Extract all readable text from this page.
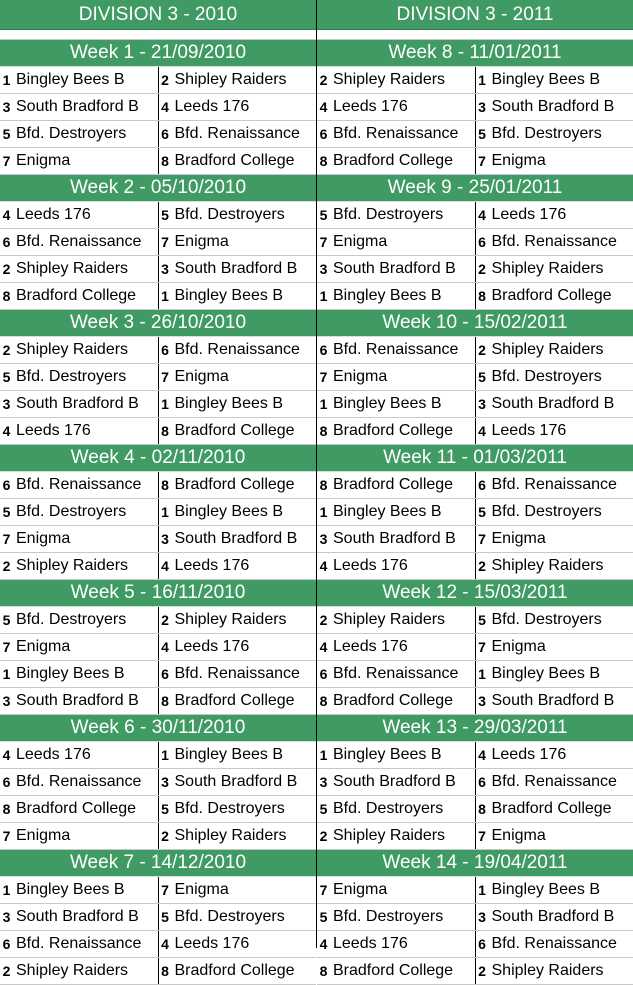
DIVISION 3 - 2010
Week 1 - 21/09/2010
1 Bingley Bees B	2 Shipley Raiders
3 South Bradford B 4 Leeds 176
5 Bfd. Destroyers 6 Bfd. Renaissance
7 Enigma	8 Bradford College
Week 2 - 05/10/2010
4 Leeds 176	5 Bfd. Destroyers
6 Bfd. Renaissance 7 Enigma
2 Shipley Raiders 3 South Bradford B
8 Bradford College 1 Bingley Bees B
Week 3 - 26/10/2010
2 Shipley Raiders 6 Bfd. Renaissance
5 Bfd. Destroyers 7 Enigma
3 South Bradford B 1 Bingley Bees B
4 Leeds 176	8 Bradford College
Week 4 - 02/11/2010
6 Bfd. Renaissance 8 Bradford College
5 Bfd. Destroyers 1 Bingley Bees B
7 Enigma	3 South Bradford B
2 Shipley Raiders 4 Leeds 176
Week 5 - 16/11/2010
5 Bfd. Destroyers 2 Shipley Raiders
7 Enigma	4 Leeds 176
1 Bingley Bees B	6 Bfd. Renaissance
3 South Bradford B 8 Bradford College
Week 6 - 30/11/2010
4 Leeds 176	1 Bingley Bees B
6 Bfd. Renaissance 3 South Bradford B
8 Bradford College 5 Bfd. Destroyers
7 Enigma	2 Shipley Raiders
Week 7 - 14/12/2010
1 Bingley Bees B	7 Enigma
3 South Bradford B 5 Bfd. Destroyers
6 Bfd. Renaissance 4 Leeds 176
2 Shipley Raiders 8 Bradford College
DIVISION 3 - 2011
Week 8 - 11/01/2011
2 Shipley Raiders 1 Bingley Bees B
4 Leeds 176	3 South Bradford B
6 Bfd. Renaissance 5 Bfd. Destroyers
8 Bradford College 7 Enigma
Week 9 - 25/01/2011
5 Bfd. Destroyers 4 Leeds 176
7 Enigma	6 Bfd. Renaissance
3 South Bradford B 2 Shipley Raiders
1 Bingley Bees B	8 Bradford College
Week 10 - 15/02/2011
6 Bfd. Renaissance 2 Shipley Raiders
7 Enigma	5 Bfd. Destroyers
1 Bingley Bees B	3 South Bradford B
8 Bradford College 4 Leeds 176
Week 11 - 01/03/2011
8 Bradford College 6 Bfd. Renaissance
1 Bingley Bees B	5 Bfd. Destroyers
3 South Bradford B 7 Enigma
4 Leeds 176	2 Shipley Raiders
Week 12 - 15/03/2011
2 Shipley Raiders 5 Bfd. Destroyers
4 Leeds 176	7 Enigma
6 Bfd. Renaissance 1 Bingley Bees B
8 Bradford College 3 South Bradford B
Week 13 - 29/03/2011
1 Bingley Bees B	4 Leeds 176
3 South Bradford B 6 Bfd. Renaissance
5 Bfd. Destroyers 8 Bradford College
2 Shipley Raiders 7 Enigma
Week 14 - 19/04/2011
7 Enigma	1 Bingley Bees B
5 Bfd. Destroyers 3 South Bradford B
4 Leeds 176	6 Bfd. Renaissance
8 Bradford College 2 Shipley Raiders
